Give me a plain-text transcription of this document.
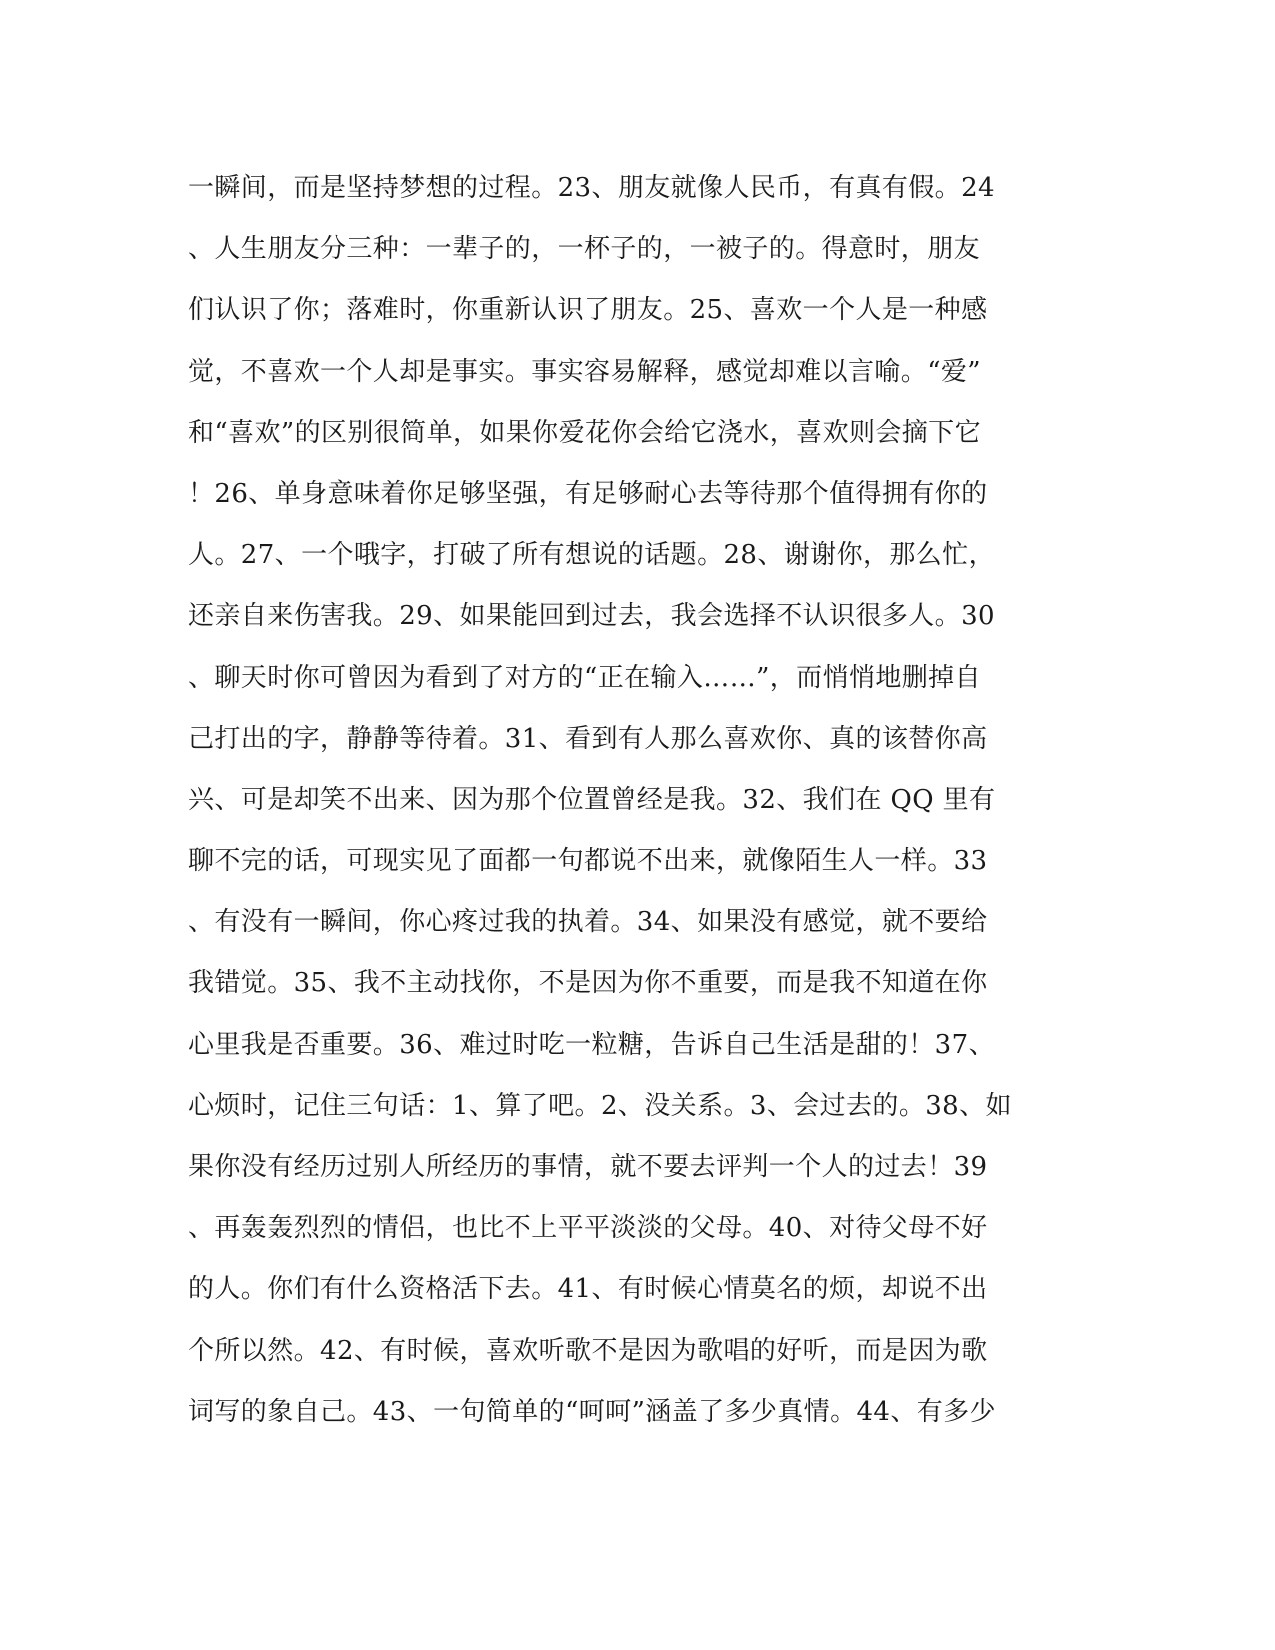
一瞬间，而是坚持梦想的过程。23、朋友就像人民币，有真有假。24
、人生朋友分三种：一辈子的，一杯子的，一被子的。得意时，朋友
们认识了你；落难时，你重新认识了朋友。25、喜欢一个人是一种感
觉，不喜欢一个人却是事实。事实容易解释，感觉却难以言喻。“爱”
和“喜欢”的区别很简单，如果你爱花你会给它浇水，喜欢则会摘下它
！26、单身意味着你足够坚强，有足够耐心去等待那个值得拥有你的
人。27、一个哦字，打破了所有想说的话题。28、谢谢你，那么忙，
还亲自来伤害我。29、如果能回到过去，我会选择不认识很多人。30
、聊天时你可曾因为看到了对方的“正在输入……”，而悄悄地删掉自
己打出的字，静静等待着。31、看到有人那么喜欢你、真的该替你高
兴、可是却笑不出来、因为那个位置曾经是我。32、我们在 QQ 里有
聊不完的话，可现实见了面都一句都说不出来，就像陌生人一样。33
、有没有一瞬间，你心疼过我的执着。34、如果没有感觉，就不要给
我错觉。35、我不主动找你，不是因为你不重要，而是我不知道在你
心里我是否重要。36、难过时吃一粒糖，告诉自己生活是甜的！37、
心烦时，记住三句话：1、算了吧。2、没关系。3、会过去的。38、如
果你没有经历过别人所经历的事情，就不要去评判一个人的过去！39
、再轰轰烈烈的情侣，也比不上平平淡淡的父母。40、对待父母不好
的人。你们有什么资格活下去。41、有时候心情莫名的烦，却说不出
个所以然。42、有时候，喜欢听歌不是因为歌唱的好听，而是因为歌
词写的象自己。43、一句简单的“呵呵”涵盖了多少真情。44、有多少
